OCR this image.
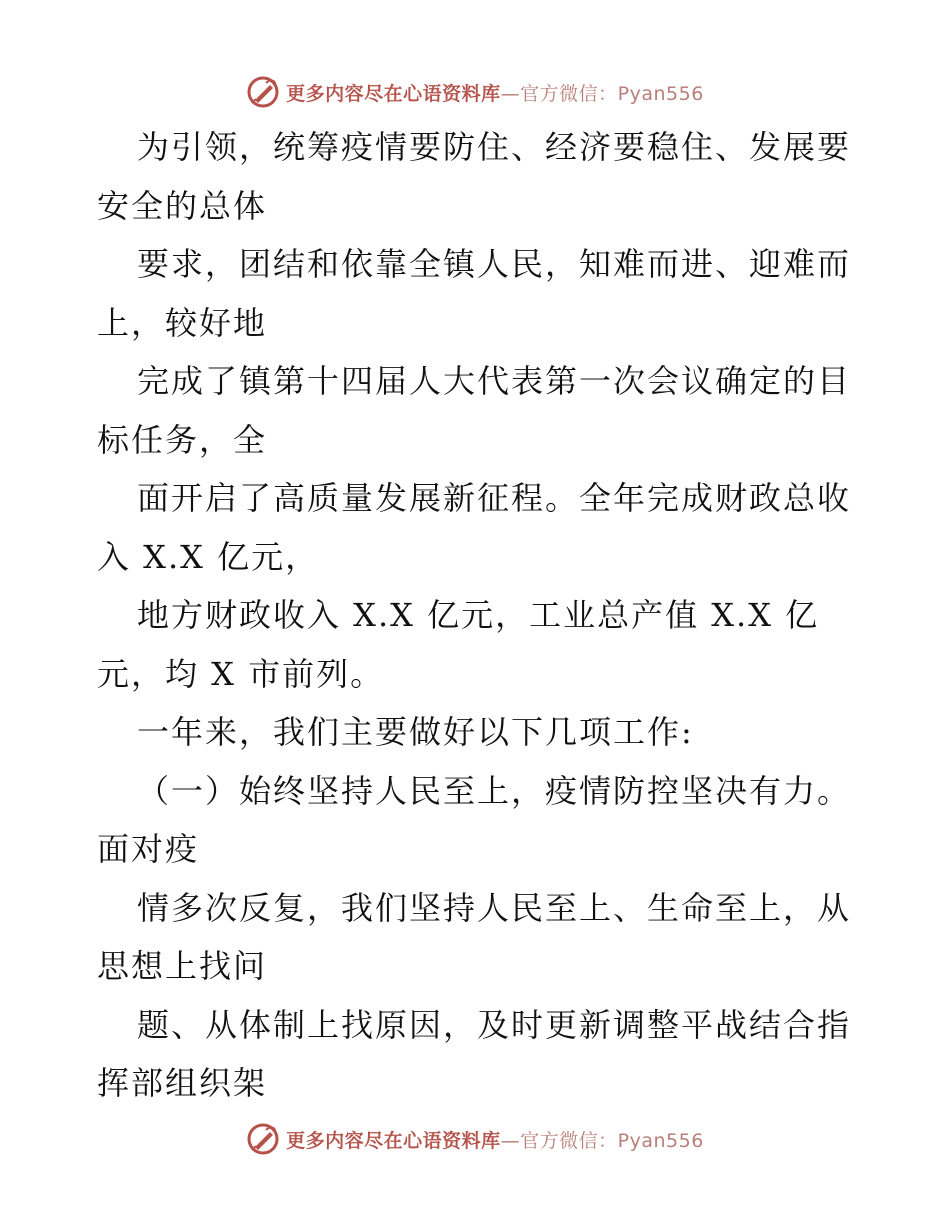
更多内容尽在心语资料库—官方微信：Pyan556

为引领，统筹疫情要防住、经济要稳住、发展要安全的总体

要求，团结和依靠全镇人民，知难而进、迎难而上，较好地

完成了镇第十四届人大代表第一次会议确定的目标任务，全

面开启了高质量发展新征程。全年完成财政总收入 X.X 亿元，

地方财政收入 X.X 亿元，工业总产值 X.X 亿元，均 X 市前列。

一年来，我们主要做好以下几项工作:

（一）始终坚持人民至上，疫情防控坚决有力。面对疫

情多次反复，我们坚持人民至上、生命至上，从思想上找问

题、从体制上找原因，及时更新调整平战结合指挥部组织架

更多内容尽在心语资料库—官方微信：Pyan556
